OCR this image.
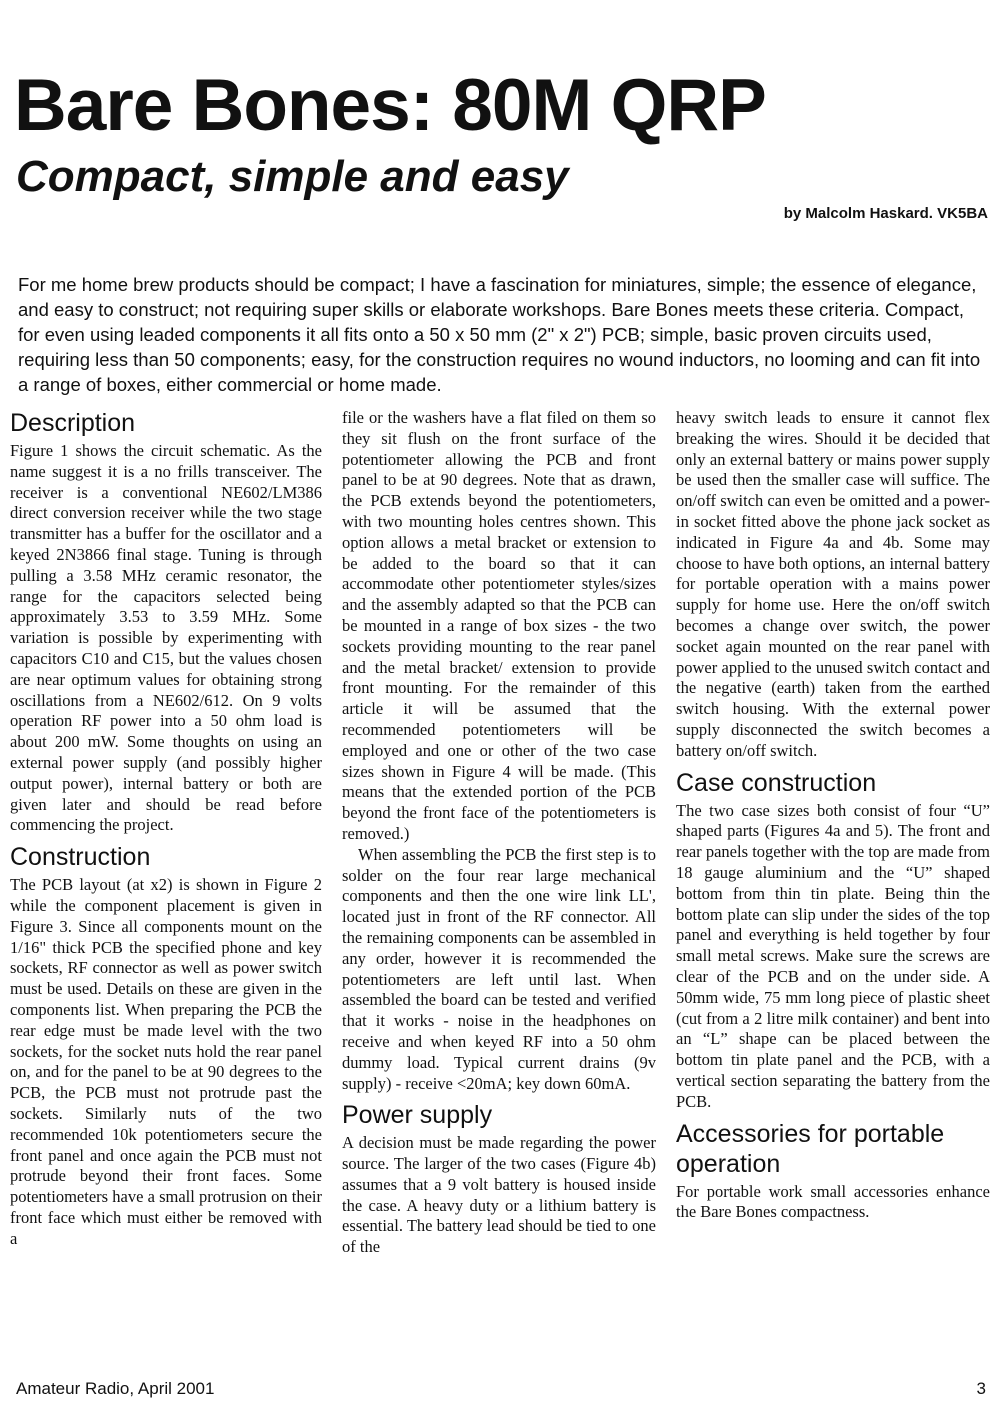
Bare Bones: 80M QRP
Compact, simple and easy

by Malcolm Haskard. VK5BA

For me home brew products should be compact; I have a fascination for miniatures, simple; the essence of elegance, and easy to construct; not requiring super skills or elaborate workshops. Bare Bones meets these criteria. Compact, for even using leaded components it all fits onto a 50 x 50 mm (2" x 2") PCB; simple, basic proven circuits used, requiring less than 50 components; easy, for the construction requires no wound inductors, no looming and can fit into a range of boxes, either commercial or home made.

Description

Figure 1 shows the circuit schematic. As the name suggest it is a no frills transceiver. The receiver is a conventional NE602/LM386 direct conversion receiver while the two stage transmitter has a buffer for the oscillator and a keyed 2N3866 final stage. Tuning is through pulling a 3.58 MHz ceramic resonator, the range for the capacitors selected being approximately 3.53 to 3.59 MHz. Some variation is possible by experimenting with capacitors C10 and C15, but the values chosen are near optimum values for obtaining strong oscillations from a NE602/612. On 9 volts operation RF power into a 50 ohm load is about 200 mW. Some thoughts on using an external power supply (and possibly higher output power), internal battery or both are given later and should be read before commencing the project.

Construction

The PCB layout (at x2) is shown in Figure 2 while the component placement is given in Figure 3. Since all components mount on the 1/16" thick PCB the specified phone and key sockets, RF connector as well as power switch must be used. Details on these are given in the components list. When preparing the PCB the rear edge must be made level with the two sockets, for the socket nuts hold the rear panel on, and for the panel to be at 90 degrees to the PCB, the PCB must not protrude past the sockets. Similarly nuts of the two recommended 10k potentiometers secure the front panel and once again the PCB must not protrude beyond their front faces. Some potentiometers have a small protrusion on their front face which must either be removed with a

file or the washers have a flat filed on them so they sit flush on the front surface of the potentiometer allowing the PCB and front panel to be at 90 degrees. Note that as drawn, the PCB extends beyond the potentiometers, with two mounting holes centres shown. This option allows a metal bracket or extension to be added to the board so that it can accommodate other potentiometer styles/sizes and the assembly adapted so that the PCB can be mounted in a range of box sizes - the two sockets providing mounting to the rear panel and the metal bracket/ extension to provide front mounting. For the remainder of this article it will be assumed that the recommended potentiometers will be employed and one or other of the two case sizes shown in Figure 4 will be made. (This means that the extended portion of the PCB beyond the front face of the potentiometers is removed.)

When assembling the PCB the first step is to solder on the four rear large mechanical components and then the one wire link LL', located just in front of the RF connector. All the remaining components can be assembled in any order, however it is recommended the potentiometers are left until last. When assembled the board can be tested and verified that it works - noise in the headphones on receive and when keyed RF into a 50 ohm dummy load. Typical current drains (9v supply) - receive <20mA; key down 60mA.

Power supply

A decision must be made regarding the power source. The larger of the two cases (Figure 4b) assumes that a 9 volt battery is housed inside the case. A heavy duty or a lithium battery is essential. The battery lead should be tied to one of the

heavy switch leads to ensure it cannot flex breaking the wires. Should it be decided that only an external battery or mains power supply be used then the smaller case will suffice. The on/off switch can even be omitted and a power-in socket fitted above the phone jack socket as indicated in Figure 4a and 4b. Some may choose to have both options, an internal battery for portable operation with a mains power supply for home use. Here the on/off switch becomes a change over switch, the power socket again mounted on the rear panel with power applied to the unused switch contact and the negative (earth) taken from the earthed switch housing. With the external power supply disconnected the switch becomes a battery on/off switch.

Case construction

The two case sizes both consist of four “U” shaped parts (Figures 4a and 5). The front and rear panels together with the top are made from 18 gauge aluminium and the “U” shaped bottom from thin tin plate. Being thin the bottom plate can slip under the sides of the top panel and everything is held together by four small metal screws. Make sure the screws are clear of the PCB and on the under side. A 50mm wide, 75 mm long piece of plastic sheet (cut from a 2 litre milk container) and bent into an “L” shape can be placed between the bottom tin plate panel and the PCB, with a vertical section separating the battery from the PCB.

Accessories for portable operation

For portable work small accessories enhance the Bare Bones compactness.

Amateur Radio, April 2001	3
